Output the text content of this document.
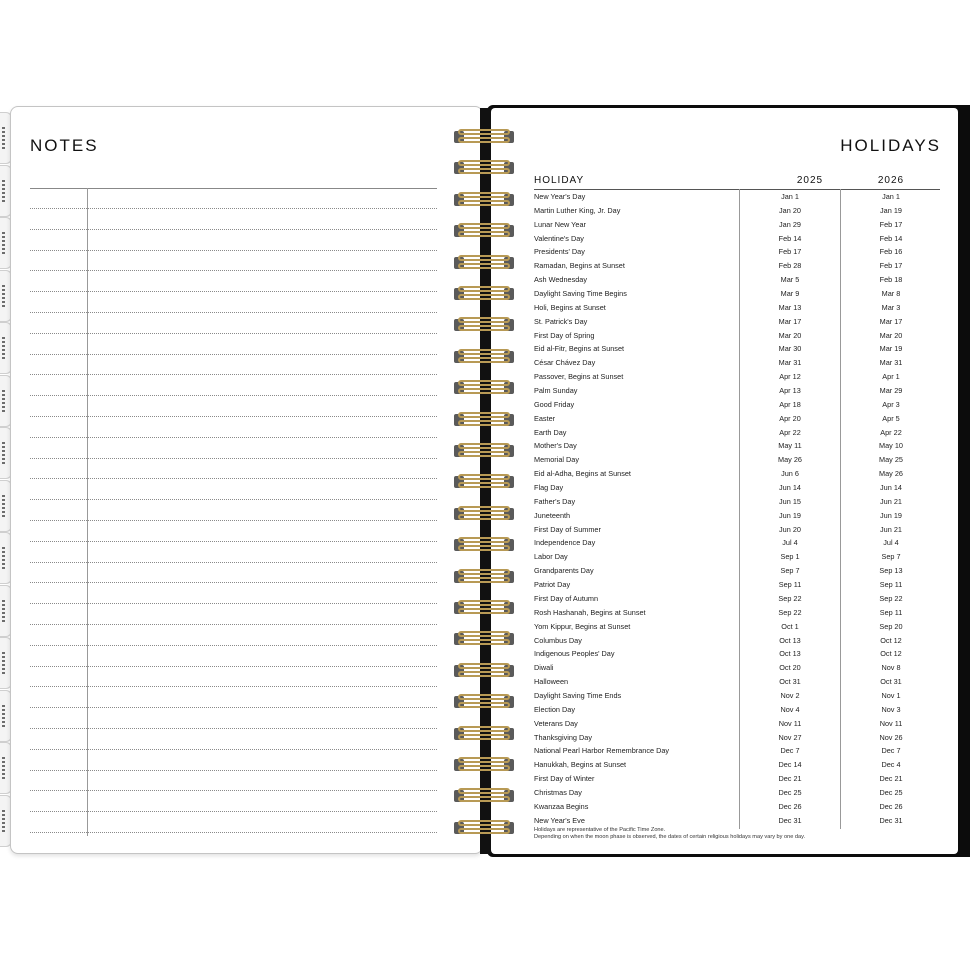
NOTES	HOLIDAYS
HOLIDAY	2025	2026
New Year's Day	Jan 1	Jan 1
Martin Luther King, Jr. Day	Jan 20	Jan 19
Lunar New Year	Jan 29	Feb 17
Valentine's Day	Feb 14	Feb 14
Presidents' Day	Feb 17	Feb 16
Ramadan, Begins at Sunset	Feb 28	Feb 17
Ash Wednesday	Mar 5	Feb 18
Daylight Saving Time Begins	Mar 9	Mar 8
Holi, Begins at Sunset	Mar 13	Mar 3
St. Patrick's Day	Mar 17	Mar 17
First Day of Spring	Mar 20	Mar 20
Eid al-Fitr, Begins at Sunset	Mar 30	Mar 19
César Chávez Day	Mar 31	Mar 31
Passover, Begins at Sunset	Apr 12	Apr 1
Palm Sunday	Apr 13	Mar 29
Good Friday	Apr 18	Apr 3
Easter	Apr 20	Apr 5
Earth Day	Apr 22	Apr 22
Mother's Day	May 11	May 10
Memorial Day	May 26	May 25
Eid al-Adha, Begins at Sunset	Jun 6	May 26
Flag Day	Jun 14	Jun 14
Father's Day	Jun 15	Jun 21
Juneteenth	Jun 19	Jun 19
First Day of Summer	Jun 20	Jun 21
Independence Day	Jul 4	Jul 4
Labor Day	Sep 1	Sep 7
Grandparents Day	Sep 7	Sep 13
Patriot Day	Sep 11	Sep 11
First Day of Autumn	Sep 22	Sep 22
Rosh Hashanah, Begins at Sunset	Sep 22	Sep 11
Yom Kippur, Begins at Sunset	Oct 1	Sep 20
Columbus Day	Oct 13	Oct 12
Indigenous Peoples' Day	Oct 13	Oct 12
Diwali	Oct 20	Nov 8
Halloween	Oct 31	Oct 31
Daylight Saving Time Ends	Nov 2	Nov 1
Election Day	Nov 4	Nov 3
Veterans Day	Nov 11	Nov 11
Thanksgiving Day	Nov 27	Nov 26
National Pearl Harbor Remembrance Day	Dec 7	Dec 7
Hanukkah, Begins at Sunset	Dec 14	Dec 4
First Day of Winter	Dec 21	Dec 21
Christmas Day	Dec 25	Dec 25
Kwanzaa Begins	Dec 26	Dec 26
New Year's Eve	Dec 31	Dec 31
Holidays are representative of the Pacific Time Zone.
Depending on when the moon phase is observed, the dates of certain religious holidays may vary by one day.
